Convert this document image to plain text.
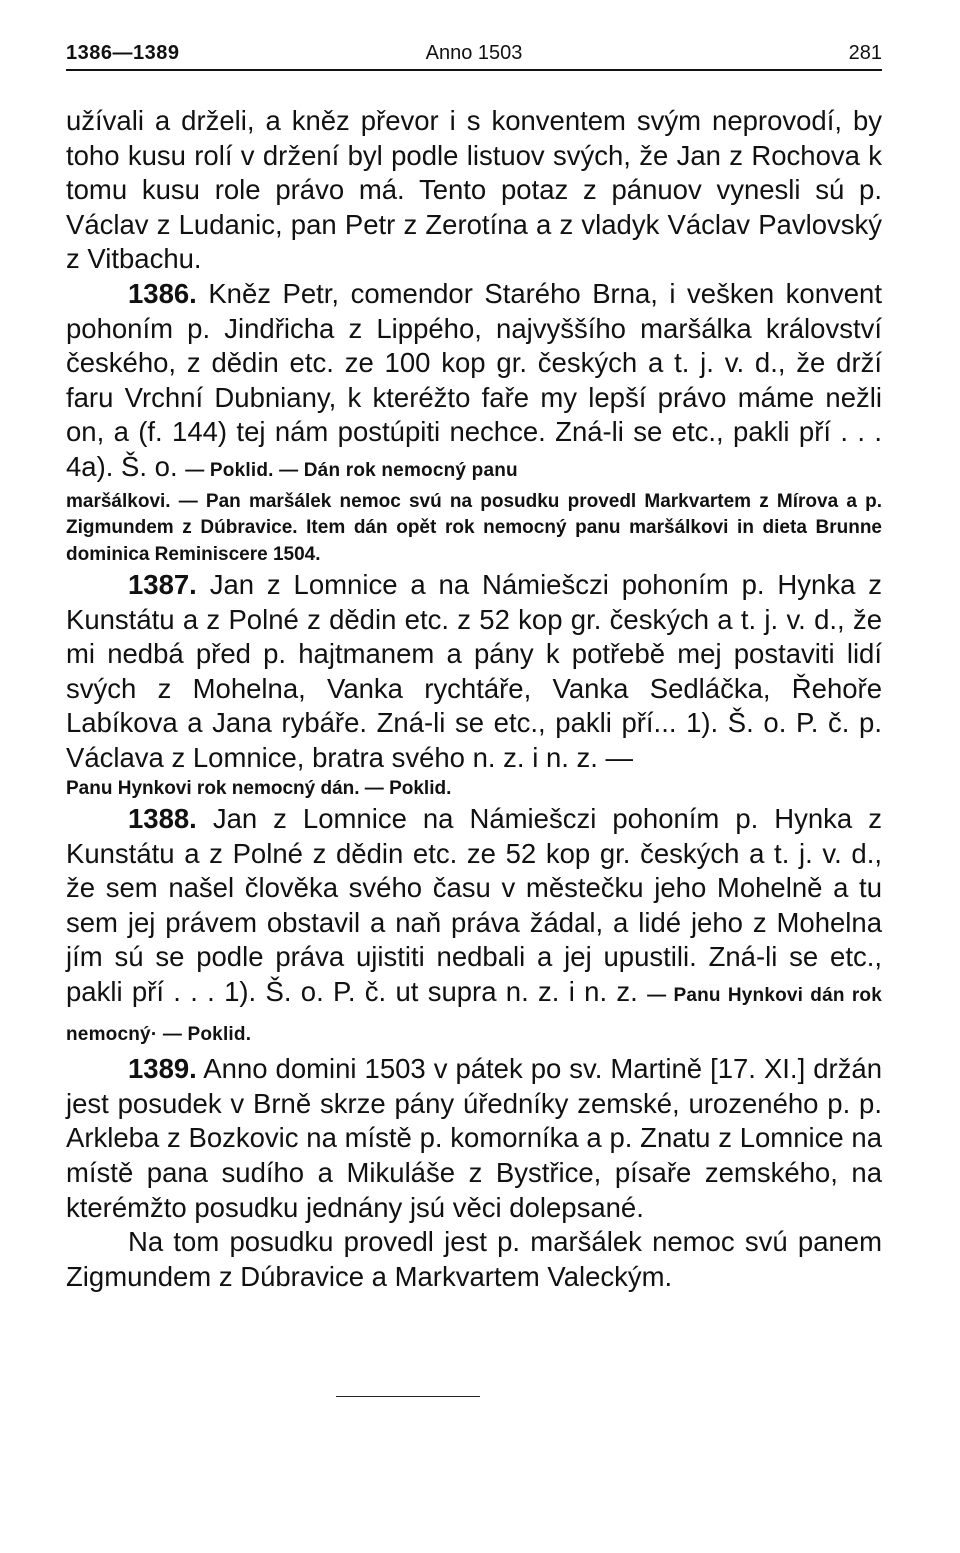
1386—1389	Anno 1503	281

užívali a drželi, a kněz převor i s konventem svým neprovodí, by toho kusu rolí v držení byl podle listuov svých, že Jan z Rochova k tomu kusu role právo má. Tento potaz z pánuov vynesli sú p. Václav z Ludanic, pan Petr z Zerotína a z vladyk Václav Pavlovský z Vitbachu.

1386. Kněz Petr, comendor Starého Brna, i vešken konvent pohoním p. Jindřicha z Lippého, najvyššího maršálka království českého, z dědin etc. ze 100 kop gr. českých a t. j. v. d., že drží faru Vrchní Dubniany, k kteréžto faře my lepší právo máme nežli on, a (f. 144) tej nám postúpiti nechce. Zná-li se etc., pakli pří . . . 4a). Š. o. — Poklid. — Dán rok nemocný panu

maršálkovi. — Pan maršálek nemoc svú na posudku provedl Markvartem z Mírova a p. Zigmundem z Dúbravice. Item dán opět rok nemocný panu maršálkovi in dieta Brunne dominica Reminiscere 1504.

1387. Jan z Lomnice a na Námiešczi pohoním p. Hynka z Kunstátu a z Polné z dědin etc. z 52 kop gr. českých a t. j. v. d., že mi nedbá před p. hajtmanem a pány k potřebě mej postaviti lidí svých z Mohelna, Vanka rychtáře, Vanka Sedláčka, Řehoře Labíkova a Jana rybáře. Zná-li se etc., pakli pří... 1). Š. o. P. č. p. Václava z Lomnice, bratra svého n. z. i n. z. —

Panu Hynkovi rok nemocný dán. — Poklid.

1388. Jan z Lomnice na Námiešczi pohoním p. Hynka z Kunstátu a z Polné z dědin etc. ze 52 kop gr. českých a t. j. v. d., že sem našel člověka svého času v městečku jeho Mohelně a tu sem jej právem obstavil a naň práva žádal, a lidé jeho z Mohelna jím sú se podle práva ujistiti nedbali a jej upustili. Zná-li se etc., pakli pří . . . 1). Š. o. P. č. ut supra n. z. i n. z. — Panu Hynkovi dán rok nemocný· — Poklid.

1389. Anno domini 1503 v pátek po sv. Martině [17. XI.] držán jest posudek v Brně skrze pány úředníky zemské, urozeného p. p. Arkleba z Bozkovic na místě p. komorníka a p. Znatu z Lomnice na místě pana sudího a Mikuláše z Bystřice, písaře zemského, na kterémžto posudku jednány jsú věci dolepsané.

Na tom posudku provedl jest p. maršálek nemoc svú panem Zigmundem z Dúbravice a Markvartem Valeckým.
